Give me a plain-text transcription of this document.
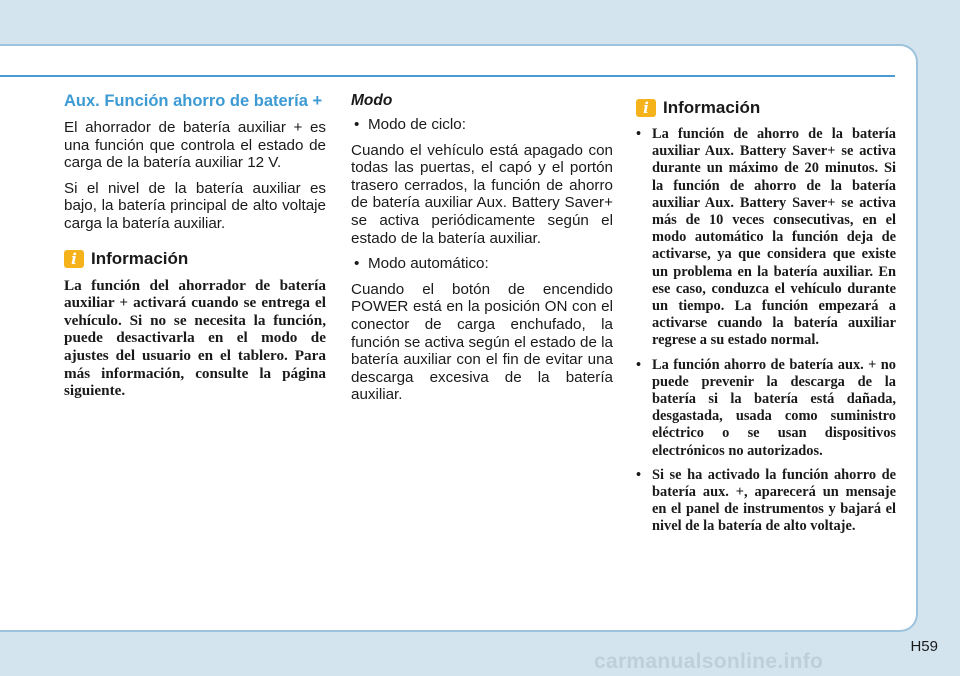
Aux. Función ahorro de batería +

El ahorrador de batería auxiliar + es una función que controla el estado de carga de la batería auxiliar 12 V.

Si el nivel de la batería auxiliar es bajo, la batería principal de alto voltaje carga la batería auxiliar.

i Información

La función del ahorrador de batería auxiliar + activará cuando se entrega el vehículo. Si no se necesita la función, puede desactivarla en el modo de ajustes del usuario en el tablero. Para más información, consulte la página siguiente.

Modo
• Modo de ciclo:

Cuando el vehículo está apagado con todas las puertas, el capó y el portón trasero cerrados, la función de ahorro de batería auxiliar Aux. Battery Saver+ se activa periódicamente según el estado de la batería auxiliar.

• Modo automático:

Cuando el botón de encendido POWER está en la posición ON con el conector de carga enchufado, la función se activa según el estado de la batería auxiliar con el fin de evitar una descarga excesiva de la batería auxiliar.

i Información
• La función de ahorro de la batería auxiliar Aux. Battery Saver+ se activa durante un máximo de 20 minutos. Si la función de ahorro de la batería auxiliar Aux. Battery Saver+ se activa más de 10 veces consecutivas, en el modo automático la función deja de activarse, ya que considera que existe un problema en la batería auxiliar. En ese caso, conduzca el vehículo durante un tiempo. La función empezará a activarse cuando la batería auxiliar regrese a su estado normal.
• La función ahorro de batería aux. + no puede prevenir la descarga de la batería si la batería está dañada, desgastada, usada como suministro eléctrico o se usan dispositivos electrónicos no autorizados.
• Si se ha activado la función ahorro de batería aux. +, aparecerá un mensaje en el panel de instrumentos y bajará el nivel de la batería de alto voltaje.
H59
carmanualsonline.info
